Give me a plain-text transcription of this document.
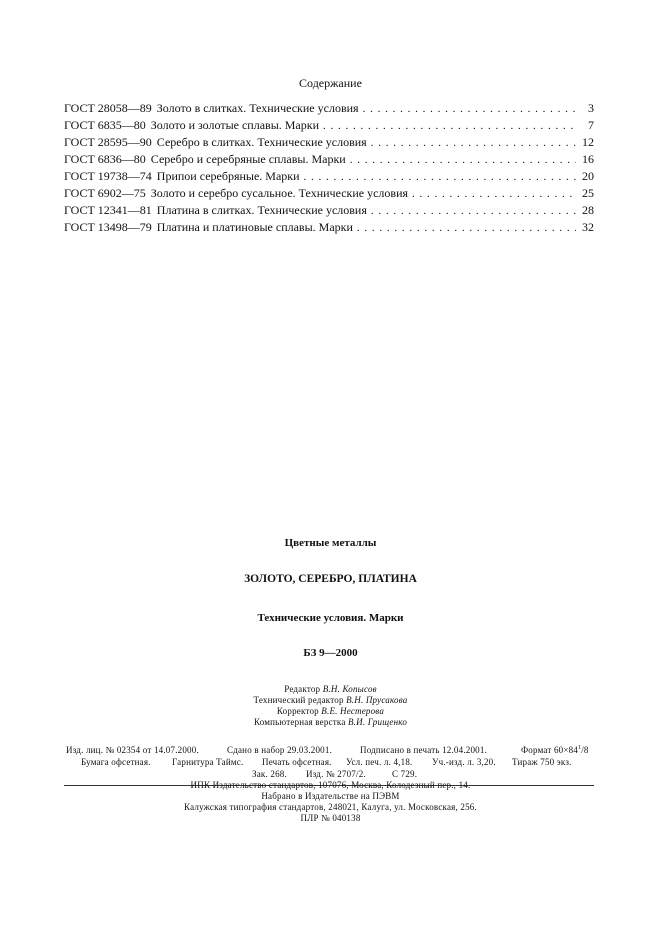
Содержание
ГОСТ 28058—89 Золото в слитках. Технические условия . . .	3
ГОСТ 6835—80 Золото и золотые сплавы. Марки . . .	7
ГОСТ 28595—90 Серебро в слитках. Технические условия . . .	12
ГОСТ 6836—80 Серебро и серебряные сплавы. Марки . . .	16
ГОСТ 19738—74 Припои серебряные. Марки . . .	20
ГОСТ 6902—75 Золото и серебро сусальное. Технические условия . . .	25
ГОСТ 12341—81 Платина в слитках. Технические условия . . .	28
ГОСТ 13498—79 Платина и платиновые сплавы. Марки . . .	32
Цветные металлы
ЗОЛОТО, СЕРЕБРО, ПЛАТИНА
Технические условия. Марки
БЗ 9—2000
Редактор В.Н. Копысов
Технический редактор В.Н. Прусакова
Корректор В.Е. Нестерова
Компьютерная верстка В.И. Грищенко
Изд. лиц. № 02354 от 14.07.2000.	Сдано в набор 29.03.2001.	Подписано в печать 12.04.2001.	Формат $60\times 84^1/8$
Бумага офсетная. Гарнитура Таймс. Печать офсетная. Усл. печ. л. 4,18. Уч.-изд. л. 3,20. Тираж 750 экз.
Зак. 268. Изд. № 2707/2.	С 729.
ИПК Издательство стандартов, 107076, Москва, Колодезный пер., 14.
Набрано в Издательстве на ПЭВМ
Калужская типография стандартов, 248021, Калуга, ул. Московская, 256.
ПЛР № 040138
